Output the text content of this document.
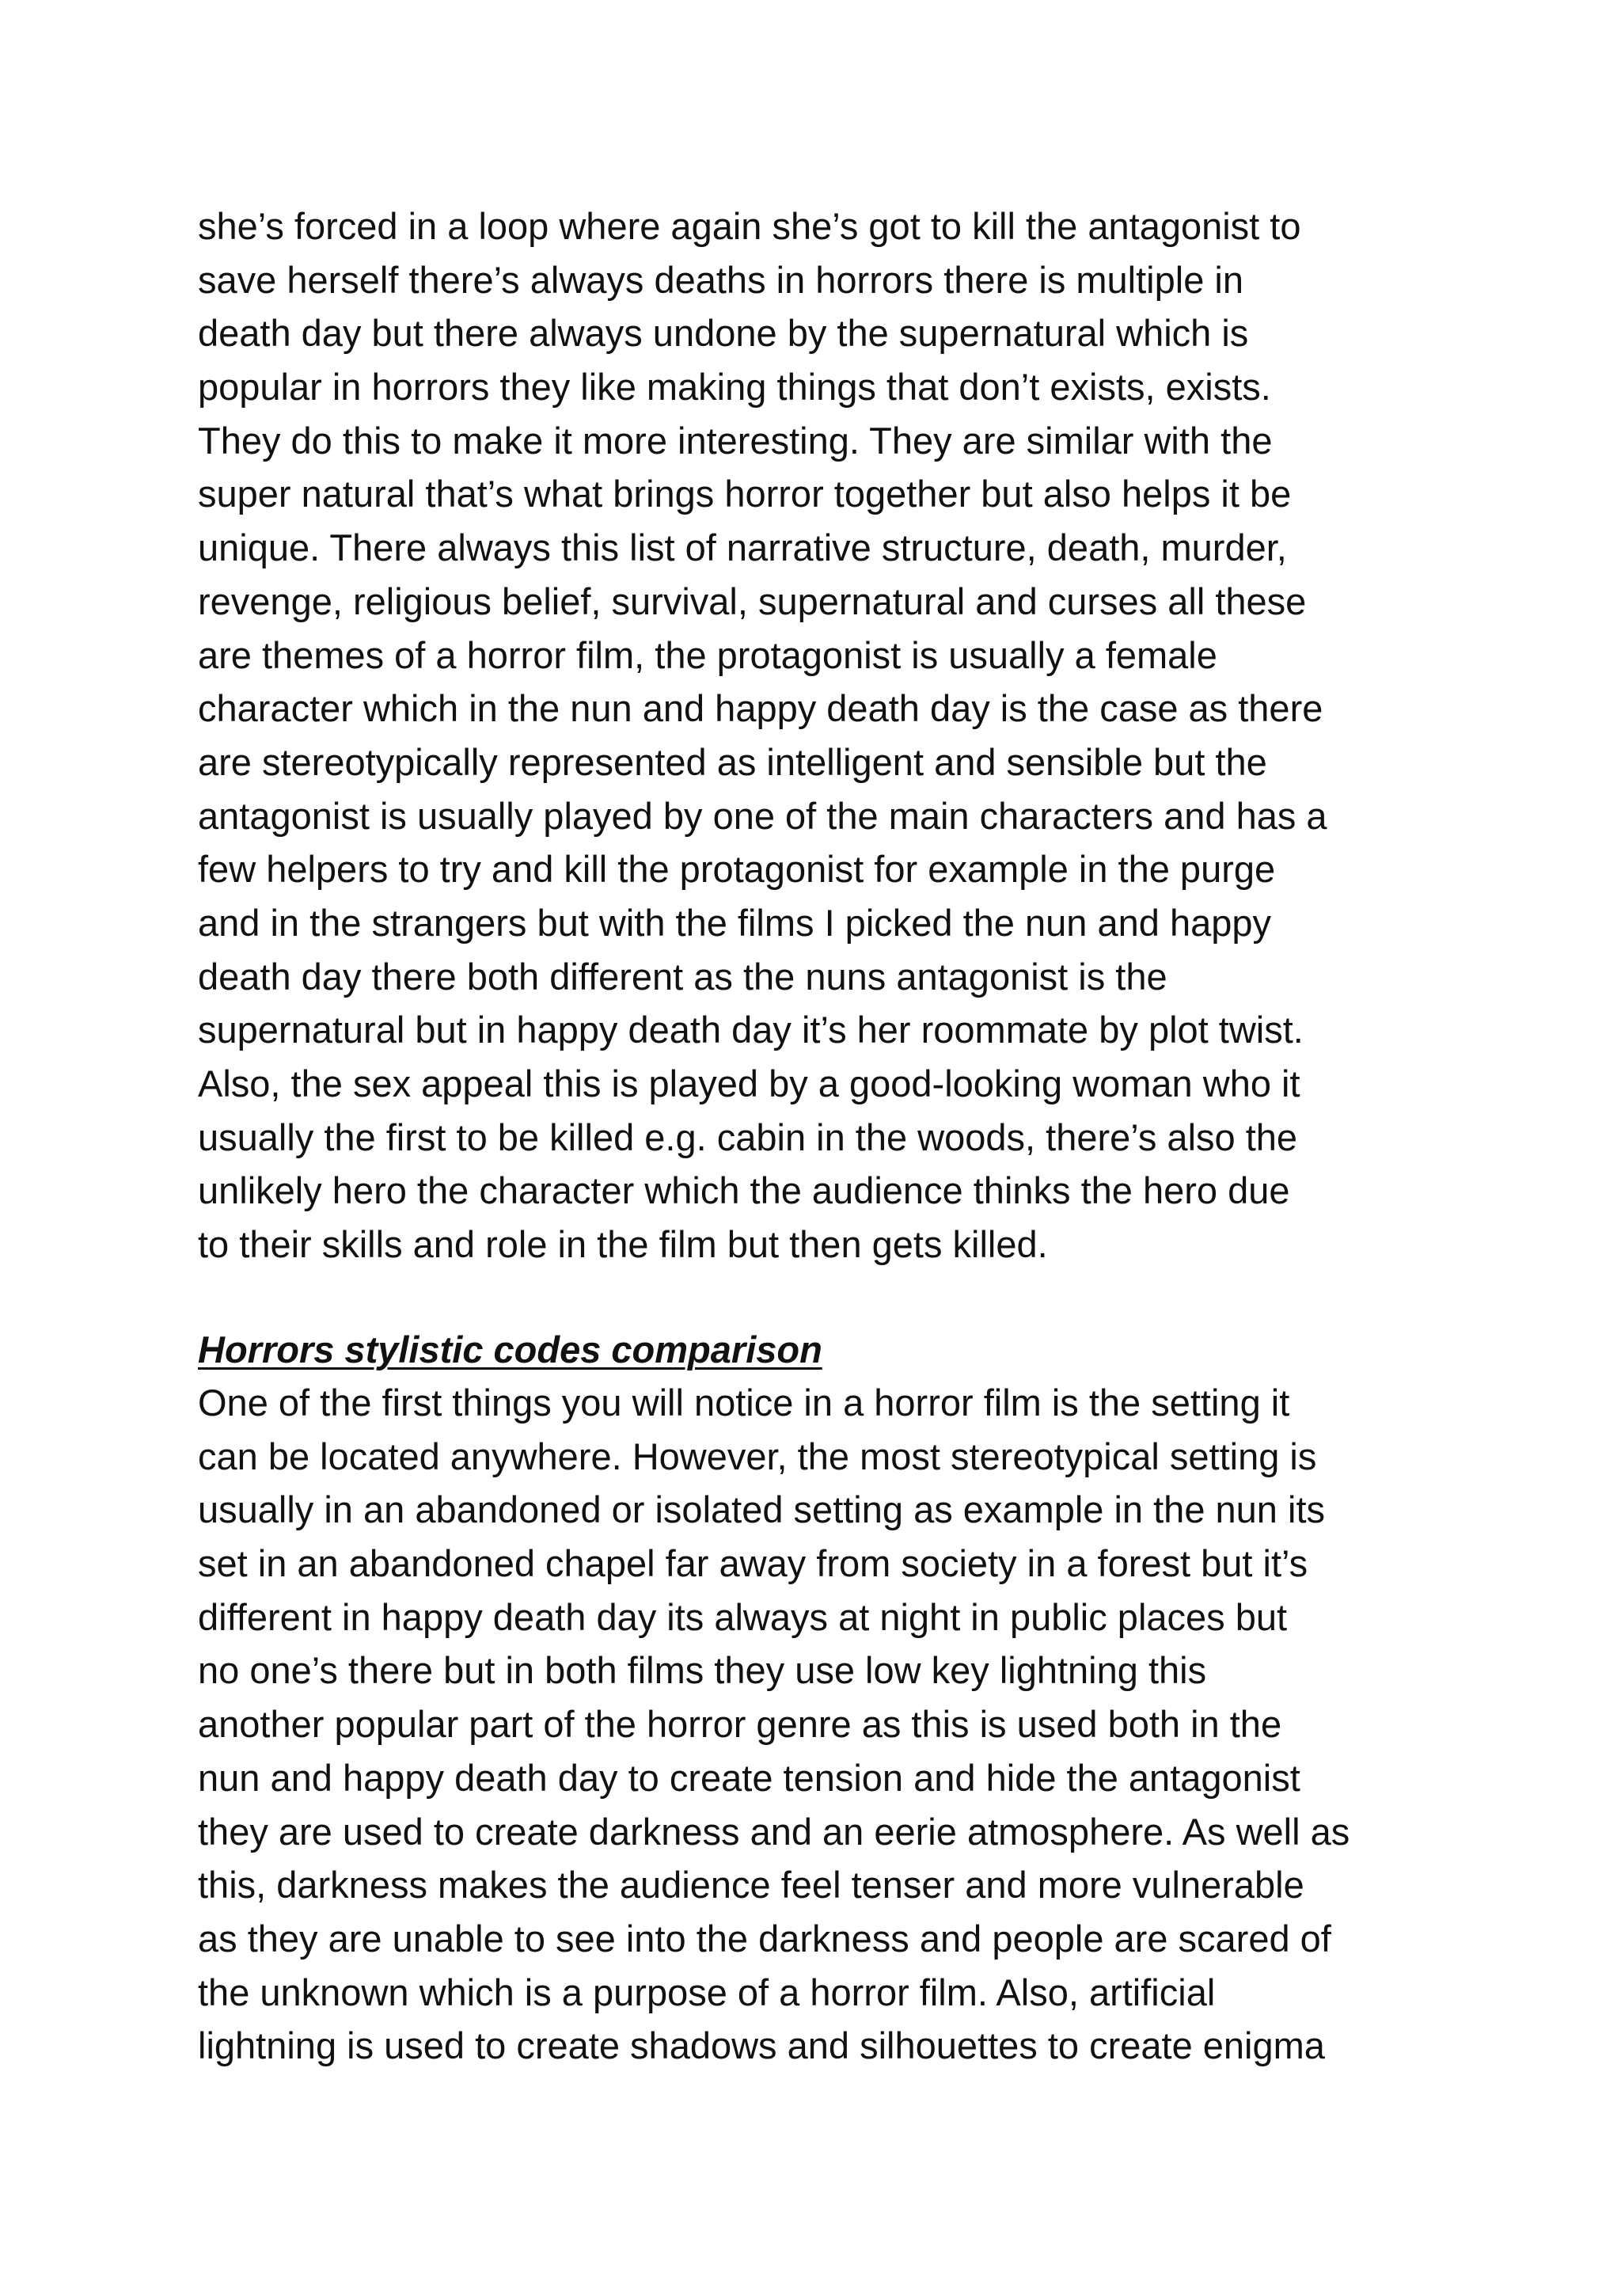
she’s forced in a loop where again she’s got to kill the antagonist to
save herself there’s always deaths in horrors there is multiple in
death day but there always undone by the supernatural which is
popular in horrors they like making things that don’t exists, exists.
They do this to make it more interesting. They are similar with the
super natural that’s what brings horror together but also helps it be
unique. There always this list of narrative structure, death, murder,
revenge, religious belief, survival, supernatural and curses all these
are themes of a horror film, the protagonist is usually a female
character which in the nun and happy death day is the case as there
are stereotypically represented as intelligent and sensible but the
antagonist is usually played by one of the main characters and has a
few helpers to try and kill the protagonist for example in the purge
and in the strangers but with the films I picked the nun and happy
death day there both different as the nuns antagonist is the
supernatural but in happy death day it’s her roommate by plot twist.
Also, the sex appeal this is played by a good-looking woman who it
usually the first to be killed e.g. cabin in the woods, there’s also the
unlikely hero the character which the audience thinks the hero due
to their skills and role in the film but then gets killed.
Horrors stylistic codes comparison
One of the first things you will notice in a horror film is the setting it
can be located anywhere. However, the most stereotypical setting is
usually in an abandoned or isolated setting as example in the nun its
set in an abandoned chapel far away from society in a forest but it’s
different in happy death day its always at night in public places but
no one’s there but in both films they use low key lightning this
another popular part of the horror genre as this is used both in the
nun and happy death day to create tension and hide the antagonist
they are used to create darkness and an eerie atmosphere. As well as
this, darkness makes the audience feel tenser and more vulnerable
as they are unable to see into the darkness and people are scared of
the unknown which is a purpose of a horror film. Also, artificial
lightning is used to create shadows and silhouettes to create enigma
